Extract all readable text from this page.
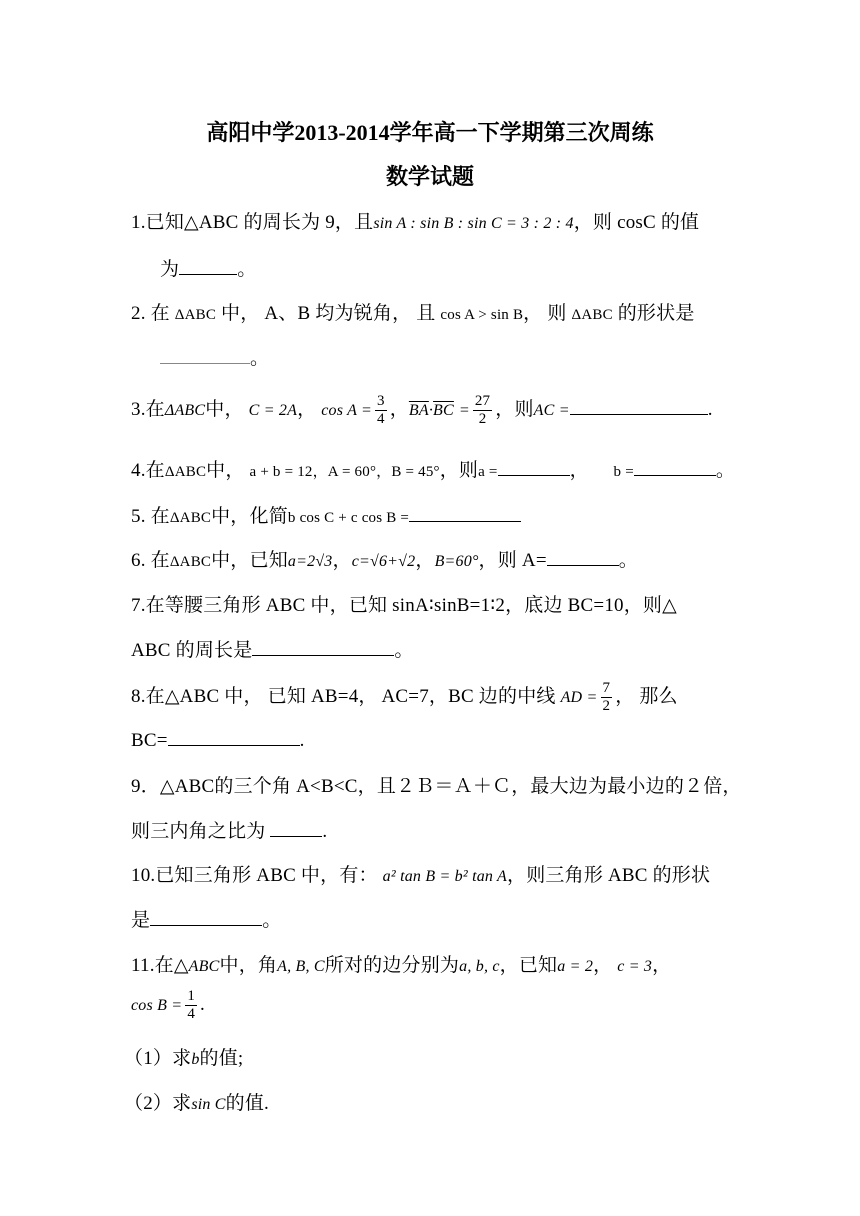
高阳中学2013-2014学年高一下学期第三次周练
数学试题
1.已知△ABC 的周长为 9，且sin A : sin B : sin C = 3 : 2 : 4，则 cosC 的值
为	。
2. 在 ΔABC 中， A、B 均为锐角， 且 cos A > sin B， 则 ΔABC 的形状是
。
3.在ΔABC中， C = 2A， $\cos A = \frac{3}{4}$ ，$\overline{BA}\cdot\overline{BC} = \frac{27}{2}$ ，则AC =	.
4.在ΔABC中， a + b = 12，A = 60°，B = 45°，则a =	， b =	。
5. 在ΔABC中，化简b cos C + c cos B =
6. 在ΔABC中，已知a=2√3，c=√6+√2，B=60°，则 A=	。
7.在等腰三角形 ABC 中，已知 sinA∶sinB=1∶2，底边 BC=10，则△
ABC 的周长是	。
8.在△ABC 中， 已知 AB=4， AC=7，BC 边的中线 AD = $\frac{7}{2}$ ， 那么
BC=	.
9．△ABC的三个角 A<B<C，且２Ｂ＝Ａ＋Ｃ，最大边为最小边的２倍，
则三内角之比为	.
10.已知三角形 ABC 中，有： a² tan B = b² tan A，则三角形 ABC 的形状
是	。
11.在△ABC中，角A, B, C所对的边分别为a, b, c，已知a = 2， c = 3，
$\cos B = \frac{1}{4}$ .
（1）求b的值;
（2）求sin C的值.
